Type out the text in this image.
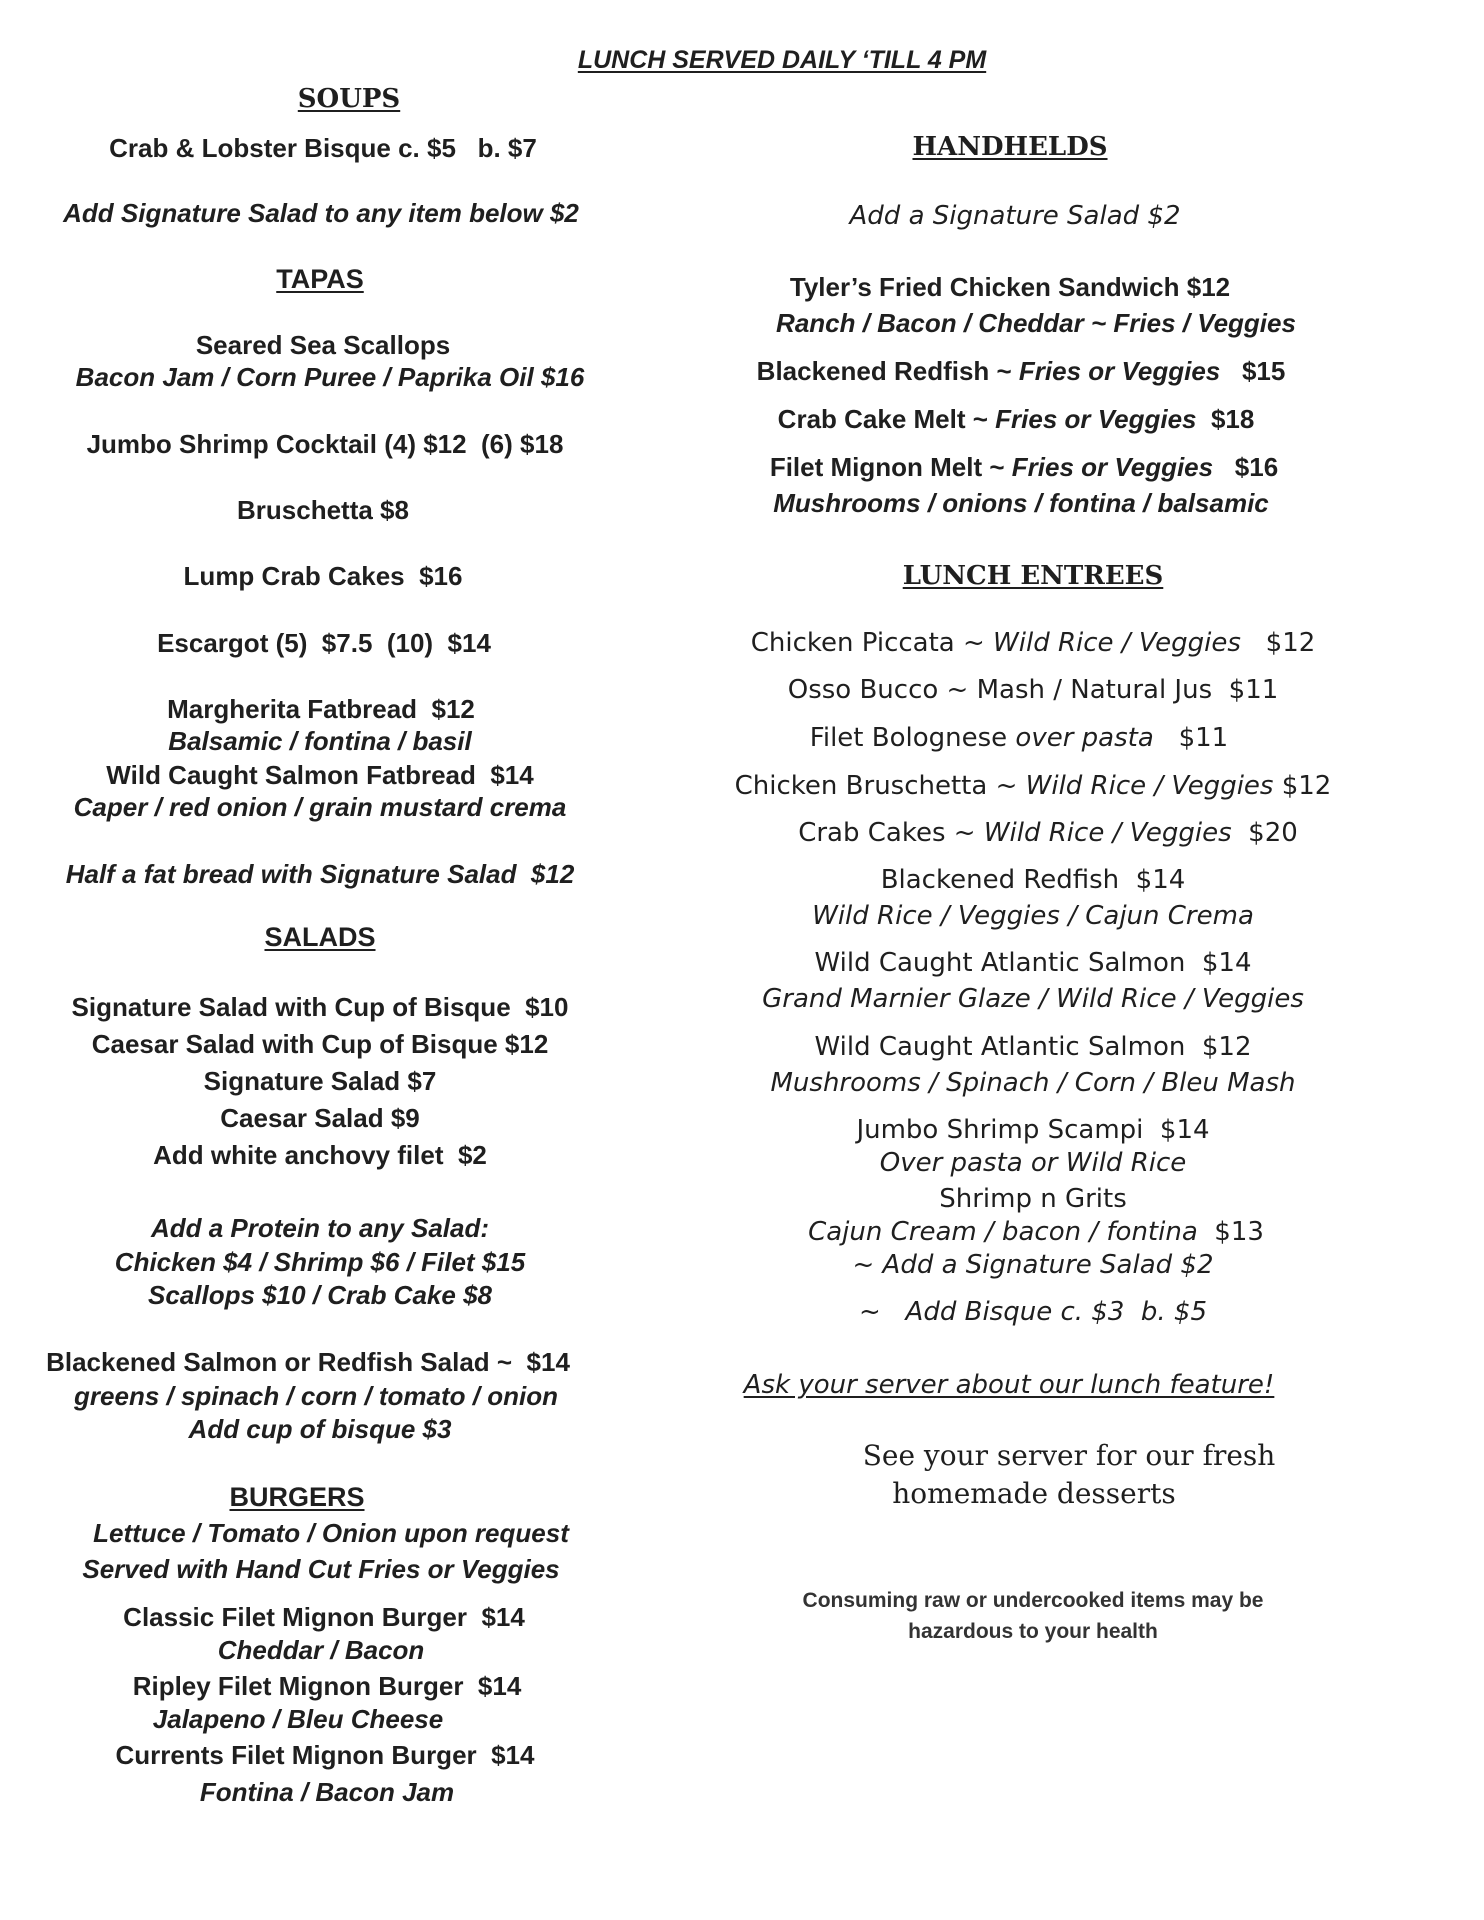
LUNCH SERVED DAILY ‘TILL 4 PM
SOUPS
Crab & Lobster Bisque c. $5   b. $7
Add Signature Salad to any item below $2
TAPAS
Seared Sea Scallops
Bacon Jam / Corn Puree / Paprika Oil $16
Jumbo Shrimp Cocktail (4) $12  (6) $18
Bruschetta $8
Lump Crab Cakes  $16
Escargot (5)  $7.5  (10)  $14
Margherita Fatbread  $12
Balsamic / fontina / basil
Wild Caught Salmon Fatbread  $14
Caper / red onion / grain mustard crema
Half a fat bread with Signature Salad  $12
SALADS
Signature Salad with Cup of Bisque  $10
Caesar Salad with Cup of Bisque $12
Signature Salad $7
Caesar Salad $9
Add white anchovy filet  $2
Add a Protein to any Salad:
Chicken $4 / Shrimp $6 / Filet $15
Scallops $10 / Crab Cake $8
Blackened Salmon or Redfish Salad ~  $14
greens / spinach / corn / tomato / onion
Add cup of bisque $3
BURGERS
Lettuce / Tomato / Onion upon request
Served with Hand Cut Fries or Veggies
Classic Filet Mignon Burger  $14
Cheddar / Bacon
Ripley Filet Mignon Burger  $14
Jalapeno / Bleu Cheese
Currents Filet Mignon Burger  $14
Fontina / Bacon Jam
HANDHELDS
Add a Signature Salad $2
Tyler’s Fried Chicken Sandwich $12
Ranch / Bacon / Cheddar ~ Fries / Veggies
Blackened Redfish ~ Fries or Veggies   $15
Crab Cake Melt ~ Fries or Veggies  $18
Filet Mignon Melt ~ Fries or Veggies   $16
Mushrooms / onions / fontina / balsamic
LUNCH ENTREES
Chicken Piccata ~ Wild Rice / Veggies   $12
Osso Bucco ~ Mash / Natural Jus  $11
Filet Bolognese over pasta   $11
Chicken Bruschetta ~ Wild Rice / Veggies $12
Crab Cakes ~ Wild Rice / Veggies  $20
Blackened Redfish  $14
Wild Rice / Veggies / Cajun Crema
Wild Caught Atlantic Salmon  $14
Grand Marnier Glaze / Wild Rice / Veggies
Wild Caught Atlantic Salmon  $12
Mushrooms / Spinach / Corn / Bleu Mash
Jumbo Shrimp Scampi  $14
Over pasta or Wild Rice
Shrimp n Grits
Cajun Cream / bacon / fontina  $13
~ Add a Signature Salad $2
~   Add Bisque c. $3  b. $5
Ask your server about our lunch feature!
See your server for our fresh
homemade desserts
Consuming raw or undercooked items may be
hazardous to your health
